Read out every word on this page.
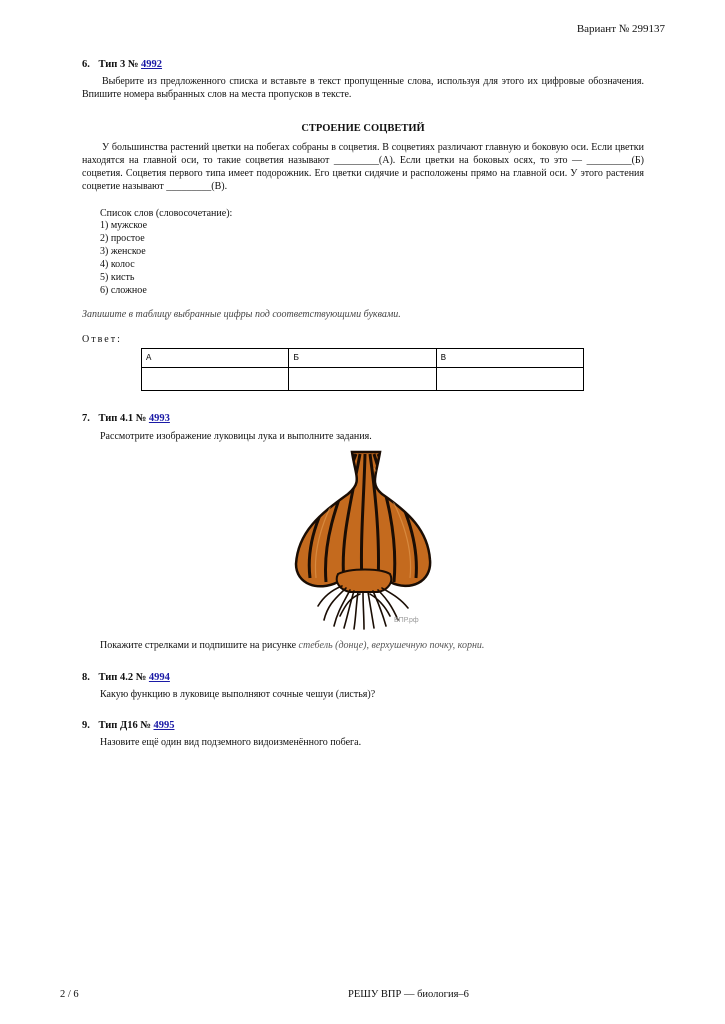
Вариант № 299137
6. Тип 3 № 4992
Выберите из предложенного списка и вставьте в текст пропущенные слова, используя для этого их цифровые обозначения. Впишите номера выбранных слов на места пропусков в тексте.
СТРОЕНИЕ СОЦВЕТИЙ
У большинства растений цветки на побегах собраны в соцветия. В соцветиях различают главную и боковую оси. Если цветки находятся на главной оси, то такие соцветия называют _________(А). Если цветки на боковых осях, то это — _________(Б) соцветия. Соцветия первого типа имеет подорожник. Его цветки сидячие и расположены прямо на главной оси. У этого растения соцветие называют _________(В).
Список слов (словосочетание):
1) мужское
2) простое
3) женское
4) колос
5) кисть
6) сложное
Запишите в таблицу выбранные цифры под соответствующими буквами.
Ответ:
А	Б	В

7. Тип 4.1 № 4993
Рассмотрите изображение луковицы лука и выполните задания.
ВПР.рф
Покажите стрелками и подпишите на рисунке стебель (донце), верхушечную почку, корни.
8. Тип 4.2 № 4994
Какую функцию в луковице выполняют сочные чешуи (листья)?
9. Тип Д16 № 4995
Назовите ещё один вид подземного видоизменённого побега.
2 / 6	РЕШУ ВПР — биология–6
